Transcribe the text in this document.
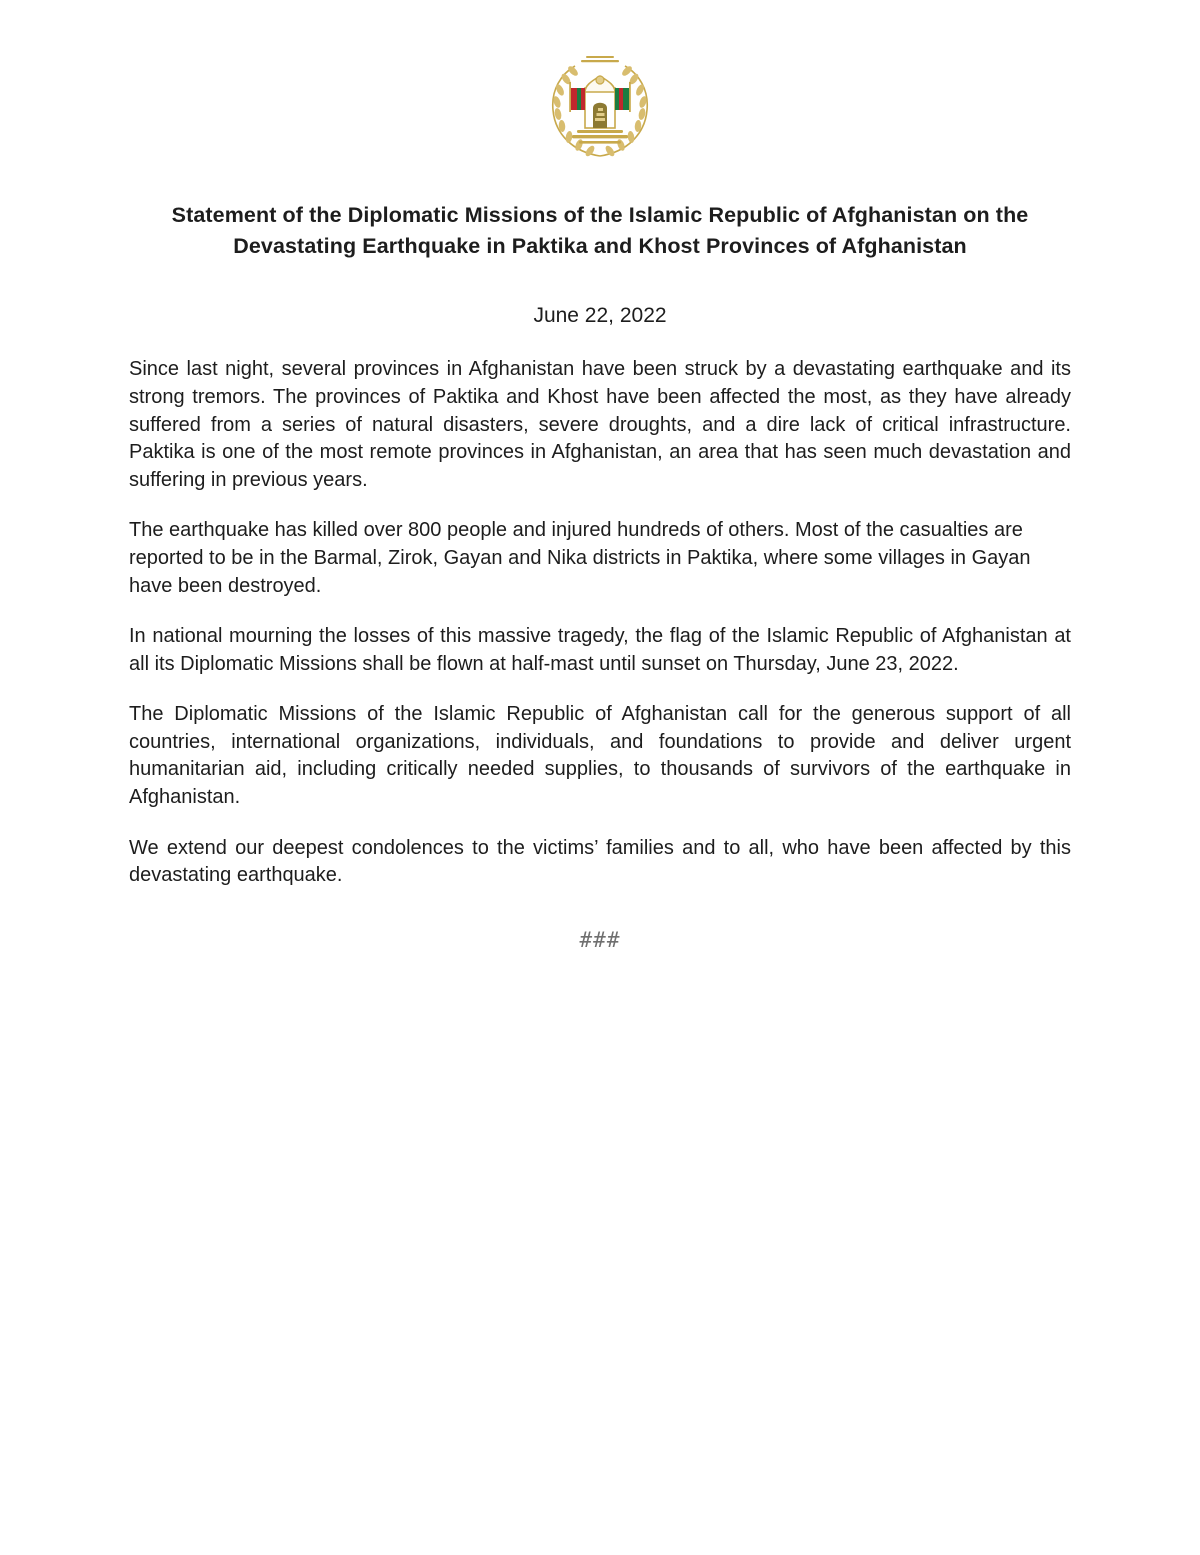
Statement of the Diplomatic Missions of the Islamic Republic of Afghanistan on the Devastating Earthquake in Paktika and Khost Provinces of Afghanistan
June 22, 2022

Since last night, several provinces in Afghanistan have been struck by a devastating earthquake and its strong tremors. The provinces of Paktika and Khost have been affected the most, as they have already suffered from a series of natural disasters, severe droughts, and a dire lack of critical infrastructure. Paktika is one of the most remote provinces in Afghanistan, an area that has seen much devastation and suffering in previous years.

The earthquake has killed over 800 people and injured hundreds of others. Most of the casualties are reported to be in the Barmal, Zirok, Gayan and Nika districts in Paktika, where some villages in Gayan have been destroyed.

In national mourning the losses of this massive tragedy, the flag of the Islamic Republic of Afghanistan at all its Diplomatic Missions shall be flown at half-mast until sunset on Thursday, June 23, 2022.

The Diplomatic Missions of the Islamic Republic of Afghanistan call for the generous support of all countries, international organizations, individuals, and foundations to provide and deliver urgent humanitarian aid, including critically needed supplies, to thousands of survivors of the earthquake in Afghanistan.

We extend our deepest condolences to the victims’ families and to all, who have been affected by this devastating earthquake.

###
